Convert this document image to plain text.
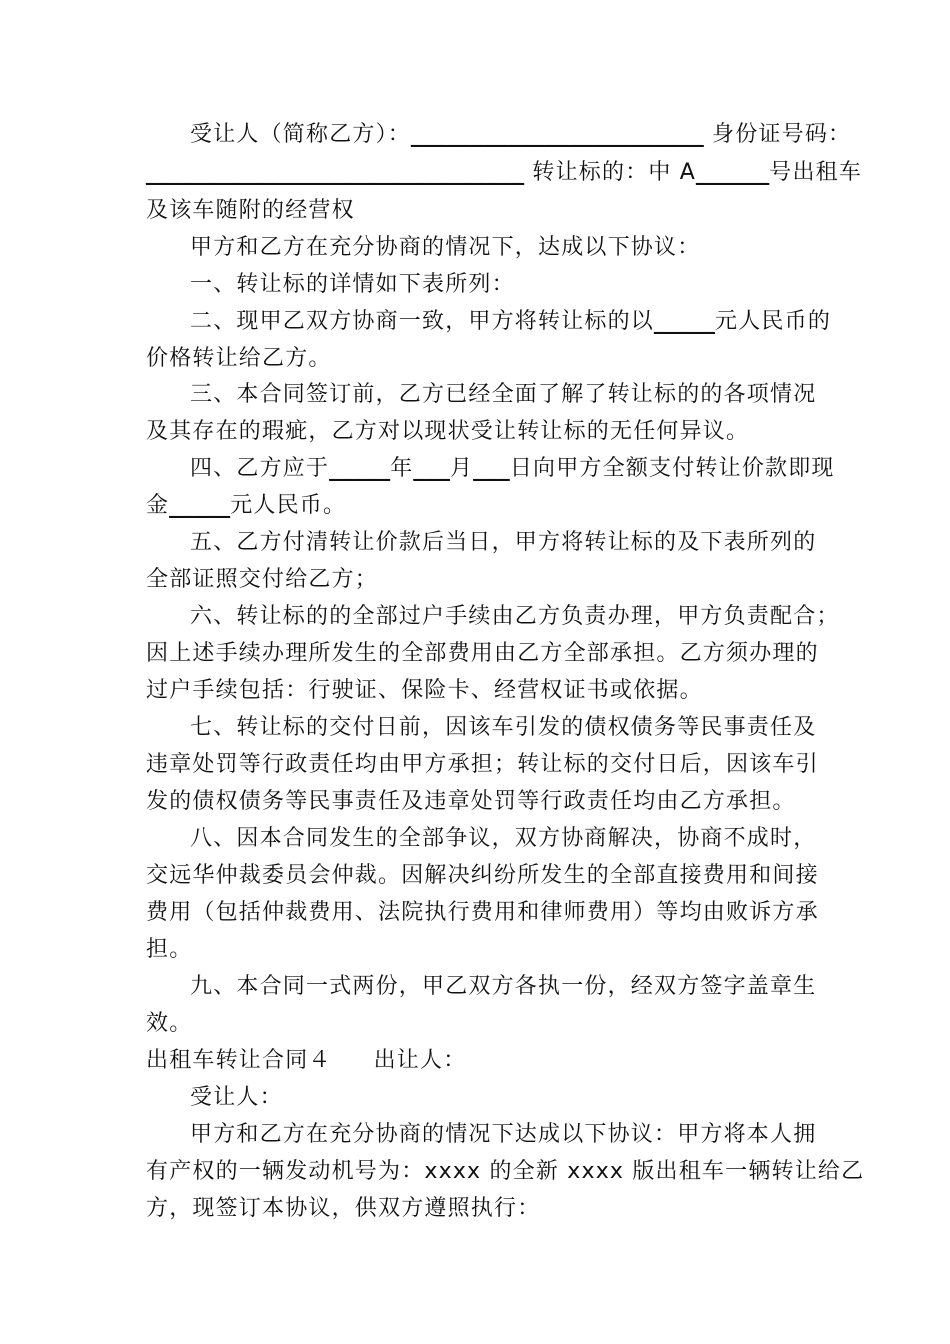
受让人（简称乙方）：________________________ 身份证号码：
_______________________________ 转让标的：中 A______号出租车
及该车随附的经营权
甲方和乙方在充分协商的情况下，达成以下协议：
一、转让标的详情如下表所列：
二、现甲乙双方协商一致，甲方将转让标的以_____元人民币的
价格转让给乙方。
三、本合同签订前，乙方已经全面了解了转让标的的各项情况
及其存在的瑕疵，乙方对以现状受让转让标的无任何异议。
四、乙方应于_____年___月___日向甲方全额支付转让价款即现
金_____元人民币。
五、乙方付清转让价款后当日，甲方将转让标的及下表所列的
全部证照交付给乙方；
六、转让标的的全部过户手续由乙方负责办理，甲方负责配合；
因上述手续办理所发生的全部费用由乙方全部承担。乙方须办理的
过户手续包括：行驶证、保险卡、经营权证书或依据。
七、转让标的交付日前，因该车引发的债权债务等民事责任及
违章处罚等行政责任均由甲方承担；转让标的交付日后，因该车引
发的债权债务等民事责任及违章处罚等行政责任均由乙方承担。
八、因本合同发生的全部争议，双方协商解决，协商不成时，
交远华仲裁委员会仲裁。因解决纠纷所发生的全部直接费用和间接
费用（包括仲裁费用、法院执行费用和律师费用）等均由败诉方承
担。
九、本合同一式两份，甲乙双方各执一份，经双方签字盖章生
效。
出租车转让合同４ 出让人：
受让人：
甲方和乙方在充分协商的情况下达成以下协议：甲方将本人拥
有产权的一辆发动机号为：xxxx 的全新 xxxx 版出租车一辆转让给乙
方，现签订本协议，供双方遵照执行：
